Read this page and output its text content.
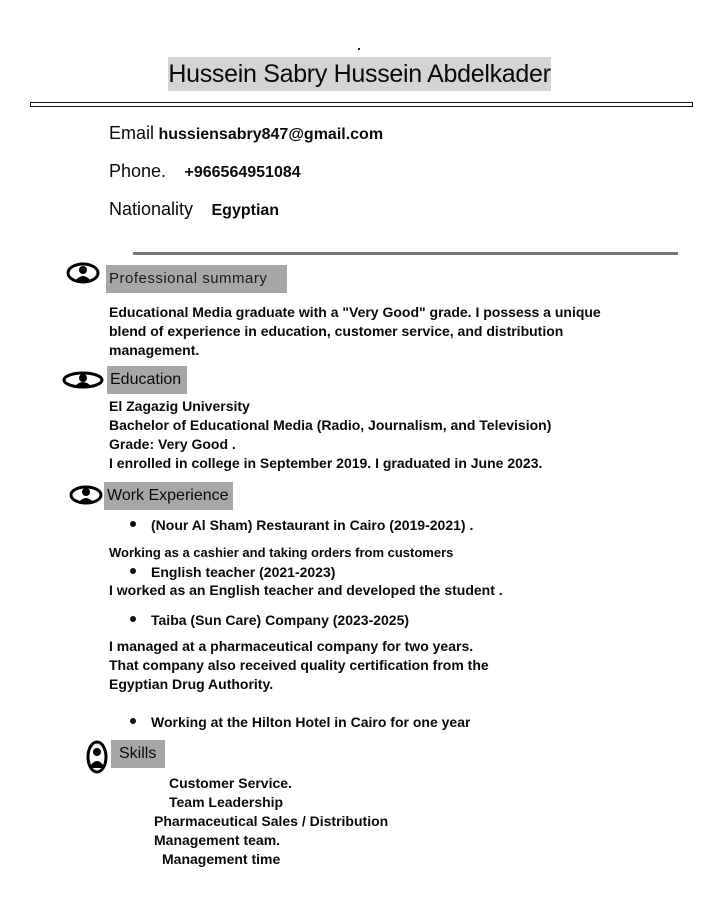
Hussein Sabry Hussein Abdelkader
Email hussiensabry847@gmail.com
Phone. +966564951084
Nationality Egyptian
Professional summary
Educational Media graduate with a "Very Good" grade. I possess a unique
blend of experience in education, customer service, and distribution
management.
Education
El Zagazig University
Bachelor of Educational Media (Radio, Journalism, and Television)
Grade: Very Good .
I enrolled in college in September 2019. I graduated in June 2023.
Work Experience
(Nour Al Sham) Restaurant in Cairo (2019-2021) .
Working as a cashier and taking orders from customers
English teacher (2021-2023)
I worked as an English teacher and developed the student .
Taiba (Sun Care) Company (2023-2025)
I managed at a pharmaceutical company for two years.
That company also received quality certification from the
Egyptian Drug Authority.
Working at the Hilton Hotel in Cairo for one year
Skills
Customer Service.
Team Leadership
Pharmaceutical Sales / Distribution
Management team.
Management time
